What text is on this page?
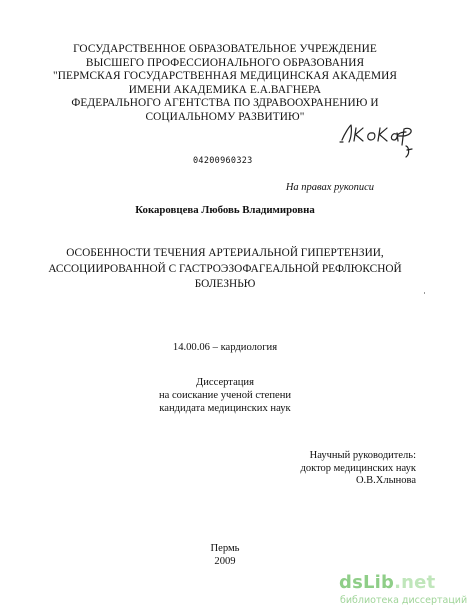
ГОСУДАРСТВЕННОЕ ОБРАЗОВАТЕЛЬНОЕ УЧРЕЖДЕНИЕ
ВЫСШЕГО ПРОФЕССИОНАЛЬНОГО ОБРАЗОВАНИЯ
"ПЕРМСКАЯ ГОСУДАРСТВЕННАЯ МЕДИЦИНСКАЯ АКАДЕМИЯ
ИМЕНИ АКАДЕМИКА Е.А.ВАГНЕРА
ФЕДЕРАЛЬНОГО АГЕНТСТВА ПО ЗДРАВООХРАНЕНИЮ И
СОЦИАЛЬНОМУ РАЗВИТИЮ"
04200960323
На правах рукописи
Кокаровцева Любовь Владимировна
ОСОБЕННОСТИ ТЕЧЕНИЯ АРТЕРИАЛЬНОЙ ГИПЕРТЕНЗИИ,
АССОЦИИРОВАННОЙ С ГАСТРОЭЗОФАГЕАЛЬНОЙ РЕФЛЮКСНОЙ
БОЛЕЗНЬЮ
14.00.06 – кардиология
Диссертация
на соискание ученой степени
кандидата медицинских наук
Научный руководитель:
доктор медицинских наук
О.В.Хлынова
Пермь
2009
dsLib.net
библиотека диссертаций
